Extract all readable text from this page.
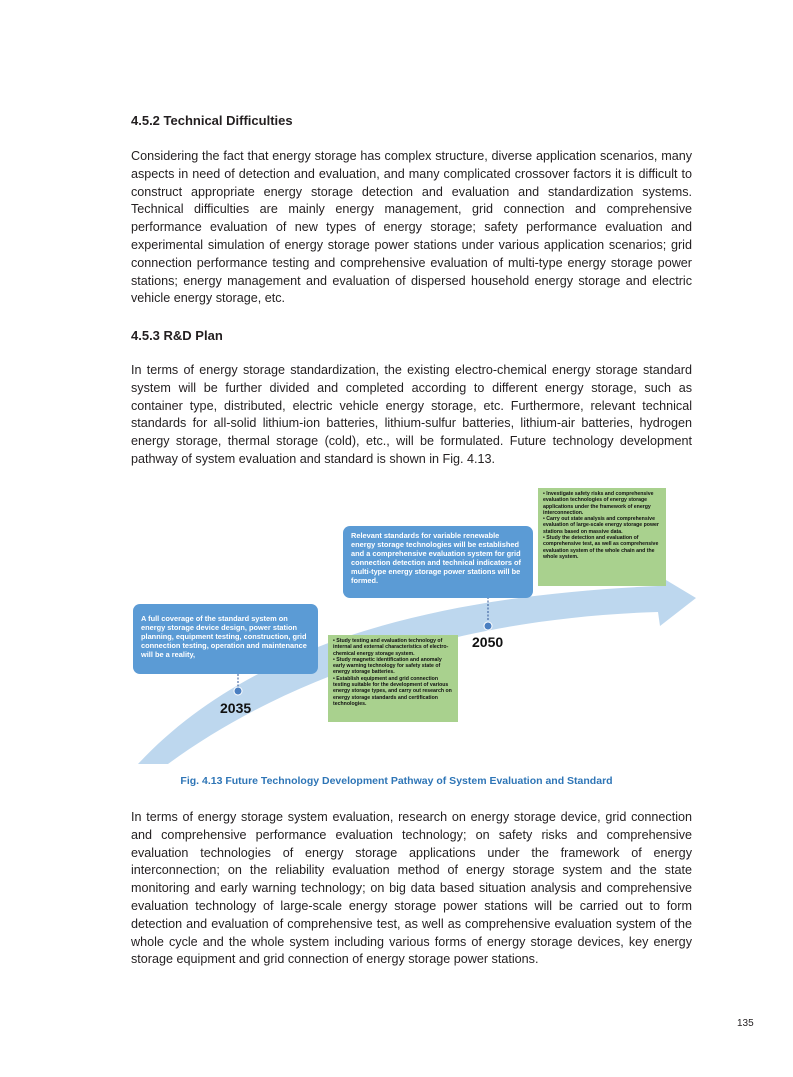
4.5.2 Technical Difficulties

Considering the fact that energy storage has complex structure, diverse application scenarios, many aspects in need of detection and evaluation, and many complicated crossover factors it is difficult to construct appropriate energy storage detection and evaluation and standardization systems. Technical difficulties are mainly energy management, grid connection and comprehensive performance evaluation of new types of energy storage; safety performance evaluation and experimental simulation of energy storage power stations under various application scenarios; grid connection performance testing and comprehensive evaluation of multi-type energy storage power stations; energy management and evaluation of dispersed household energy storage and electric vehicle energy storage, etc.

4.5.3 R&D Plan

In terms of energy storage standardization, the existing electro-chemical energy storage standard system will be further divided and completed according to different energy storage, such as container type, distributed, electric vehicle energy storage, etc. Furthermore, relevant technical standards for all-solid lithium-ion batteries, lithium-sulfur batteries, lithium-air batteries, hydrogen energy storage, thermal storage (cold), etc., will be formulated. Future technology development pathway of system evaluation and standard is shown in Fig. 4.13.

A full coverage of the standard system on energy storage device design, power station planning, equipment testing, construction, grid connection testing, operation and maintenance will be a reality,
2035
• Study testing and evaluation technology of internal and external characteristics of electro-chemical energy storage system.
• Study magnetic identification and anomaly early warning technology for safety state of energy storage batteries.
• Establish equipment and grid connection testing suitable for the development of various energy storage types, and carry out research on energy storage standards and certification technologies.
Relevant standards for variable renewable energy storage technologies will be established and a comprehensive evaluation system for grid connection detection and technical indicators of multi-type energy storage power stations will be formed.
2050
• Investigate safety risks and comprehensive evaluation technologies of energy storage applications under the framework of energy interconnection.
• Carry out state analysis and comprehensive evaluation of large-scale energy storage power stations based on massive data.
• Study the detection and evaluation of comprehensive test, as well as comprehensive evaluation system of the whole chain and the whole system.
Fig. 4.13 Future Technology Development Pathway of System Evaluation and Standard

In terms of energy storage system evaluation, research on energy storage device, grid connection and comprehensive performance evaluation technology; on safety risks and comprehensive evaluation technologies of energy storage applications under the framework of energy interconnection; on the reliability evaluation method of energy storage system and the state monitoring and early warning technology; on big data based situation analysis and comprehensive evaluation technology of large-scale energy storage power stations will be carried out to form detection and evaluation of comprehensive test, as well as comprehensive evaluation system of the whole cycle and the whole system including various forms of energy storage devices, key energy storage equipment and grid connection of energy storage power stations.

135
